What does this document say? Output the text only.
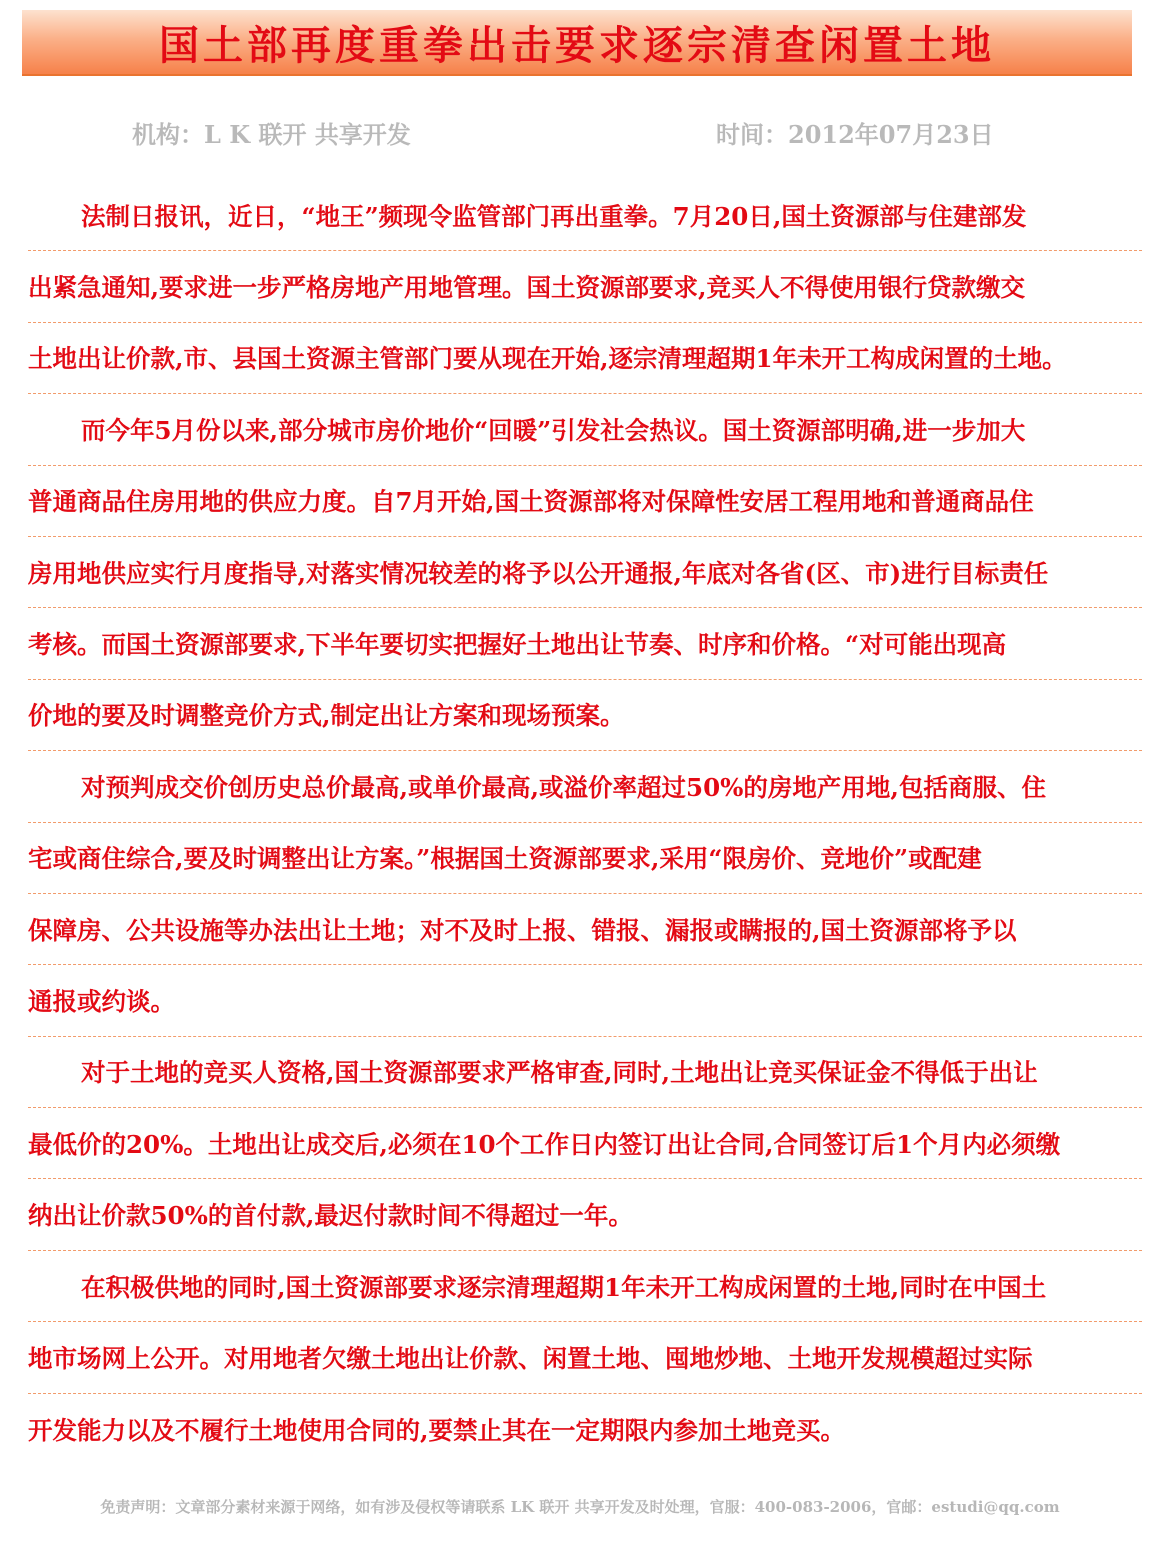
国土部再度重拳出击要求逐宗清查闲置土地
机构：L K 联开 共享开发	时间：2012年07月23日
法制日报讯，近日，“地王”频现令监管部门再出重拳。7月20日,国土资源部与住建部发
出紧急通知,要求进一步严格房地产用地管理。国土资源部要求,竞买人不得使用银行贷款缴交
土地出让价款,市、县国土资源主管部门要从现在开始,逐宗清理超期1年未开工构成闲置的土地。
而今年5月份以来,部分城市房价地价“回暖”引发社会热议。国土资源部明确,进一步加大
普通商品住房用地的供应力度。自7月开始,国土资源部将对保障性安居工程用地和普通商品住
房用地供应实行月度指导,对落实情况较差的将予以公开通报,年底对各省(区、市)进行目标责任
考核。而国土资源部要求,下半年要切实把握好土地出让节奏、时序和价格。“对可能出现高
价地的要及时调整竞价方式,制定出让方案和现场预案。
对预判成交价创历史总价最高,或单价最高,或溢价率超过50%的房地产用地,包括商服、住
宅或商住综合,要及时调整出让方案。”根据国土资源部要求,采用“限房价、竞地价”或配建
保障房、公共设施等办法出让土地；对不及时上报、错报、漏报或瞒报的,国土资源部将予以
通报或约谈。
对于土地的竞买人资格,国土资源部要求严格审查,同时,土地出让竞买保证金不得低于出让
最低价的20%。土地出让成交后,必须在10个工作日内签订出让合同,合同签订后1个月内必须缴
纳出让价款50%的首付款,最迟付款时间不得超过一年。
在积极供地的同时,国土资源部要求逐宗清理超期1年未开工构成闲置的土地,同时在中国土
地市场网上公开。对用地者欠缴土地出让价款、闲置土地、囤地炒地、土地开发规模超过实际
开发能力以及不履行土地使用合同的,要禁止其在一定期限内参加土地竞买。
免责声明：文章部分素材来源于网络，如有涉及侵权等请联系 LK 联开 共享开发及时处理，官服：400-083-2006，官邮：estudi@qq.com
